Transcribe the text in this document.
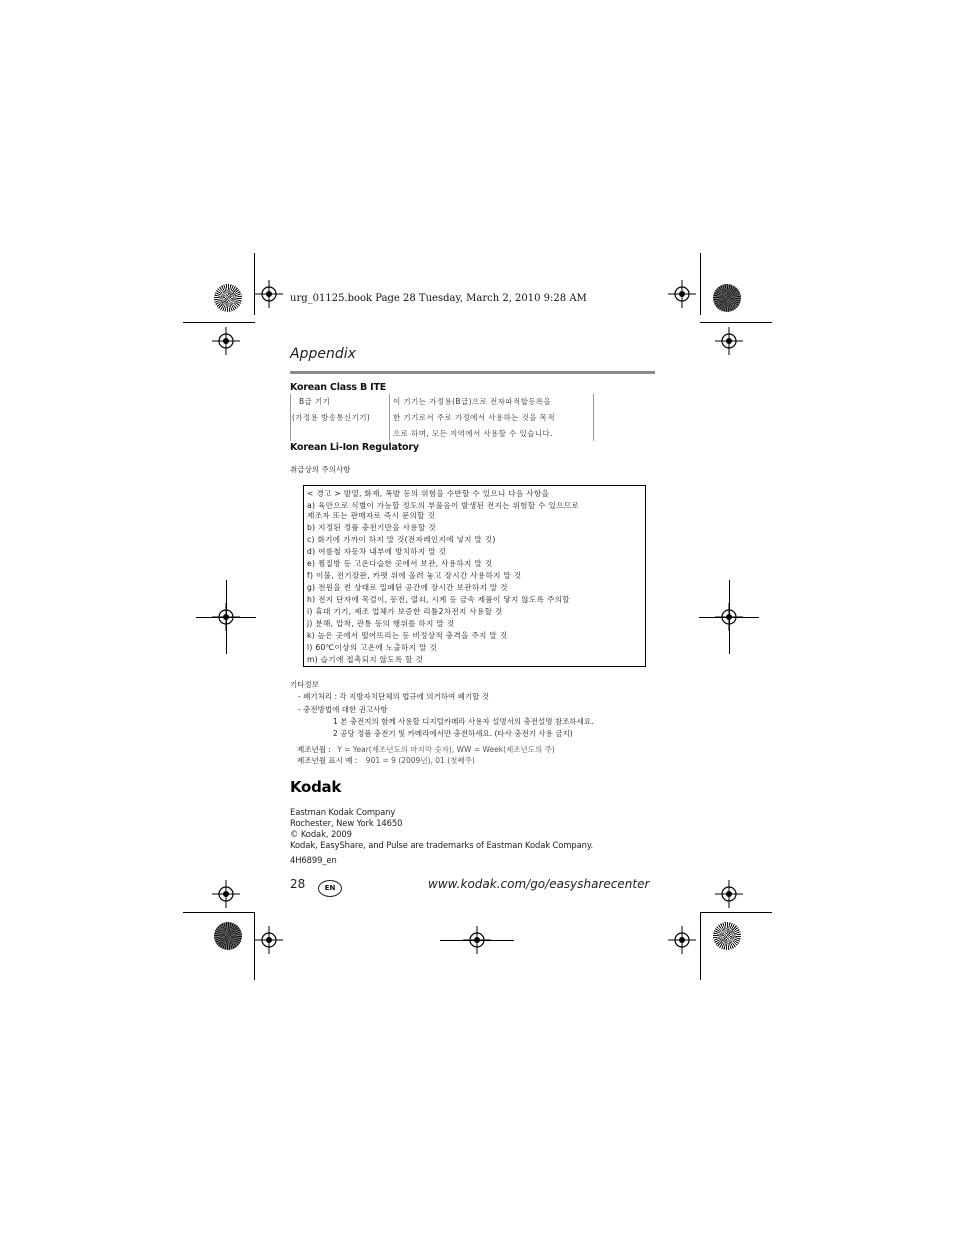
urg_01125.book Page 28 Tuesday, March 2, 2010 9:28 AM
Appendix
Korean Class B ITE
B급 기기
(가정용 방송통신기기)
이 기기는 가정용(B급)으로 전자파적합등록을
한 기기로서 주로 가정에서 사용하는 것을 목적
으로 하며, 모든 지역에서 사용할 수 있습니다.
Korean Li-Ion Regulatory
취급상의 주의사항
< 경고 > 발열, 화재, 폭발 등의 위험을 수반할 수 있으니 다음 사항을
a) 육안으로 식별이 가능할 정도의 부풀음이 발생된 전지는 위험할 수 있으므로
제조자 또는 판매자로 즉시 문의할 것
b) 지정된 정품 충전기만을 사용할 것
c) 화기에 가까이 하지 말 것(전자레인지에 넣지 말 것)
d) 여름철 자동차 내부에 방치하지 말 것
e) 찜질방 등 고온다습한 곳에서 보관, 사용하지 말 것
f) 이불, 전기장판, 카펫 위에 올려 놓고 장시간 사용하지 말 것
g) 전원을 켠 상태로 밀폐된 공간에 장시간 보관하지 말 것
h) 전지 단자에 목걸이, 동전, 열쇠, 시계 등 금속 제품이 닿지 않도록 주의할
i) 휴대 기기, 제조 업체가 보증한 리튬2차전지 사용할 것
j) 분해, 압착, 관통 등의 행위를 하지 말 것
k) 높은 곳에서 떨어뜨리는 등 비정상적 충격을 주지 말 것
l) 60℃이상의 고온에 노출하지 말 것
m) 습기에 접촉되지 않도록 할 것
기타정보
- 폐기처리 : 각 지방자치단체의 법규에 의거하여 폐기할 것
- 충전방법에 대한 권고사항
1 본 충전지의 함께 사용할 디지털카메라 사용자 설명서의 충전설명 참조하세요.
2 공당 정품 충전기 및 카메라에서만 충전하세요. (타사 충전기 사용 금지)
제조년월 : Y = Year(제조년도의 마지막 숫자), WW = Week(제조년도의 주)
제조년월 표시 예 : 901 = 9 (2009년), 01 (첫째주)
Kodak
Eastman Kodak Company
Rochester, New York 14650
© Kodak, 2009
Kodak, EasyShare, and Pulse are trademarks of Eastman Kodak Company.
4H6899_en
28	EN	www.kodak.com/go/easysharecenter
